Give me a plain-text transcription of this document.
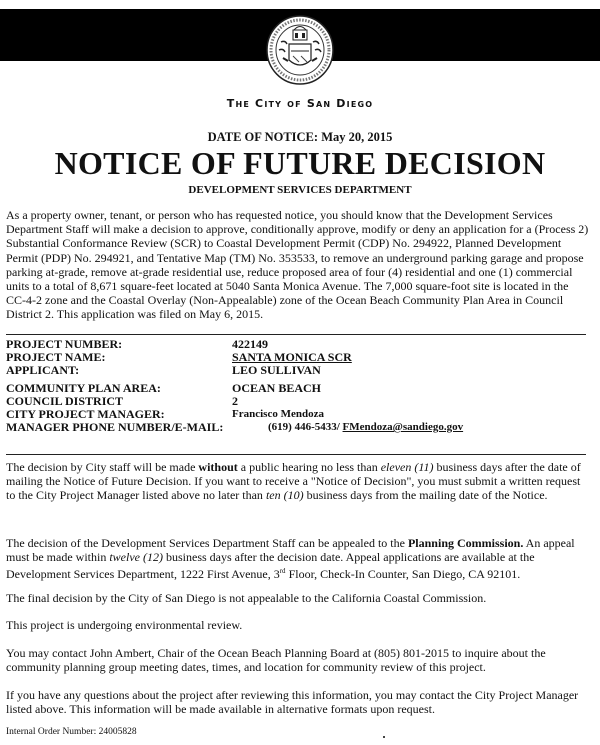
The City of San Diego
DATE OF NOTICE: May 20, 2015
NOTICE OF FUTURE DECISION
DEVELOPMENT SERVICES DEPARTMENT
As a property owner, tenant, or person who has requested notice, you should know that the Development Services Department Staff will make a decision to approve, conditionally approve, modify or deny an application for a (Process 2) Substantial Conformance Review (SCR) to Coastal Development Permit (CDP) No. 294922, Planned Development Permit (PDP) No. 294921, and Tentative Map (TM) No. 353533, to remove an underground parking garage and propose parking at-grade, remove at-grade residential use, reduce proposed area of four (4) residential and one (1) commercial units to a total of 8,671 square-feet located at 5040 Santa Monica Avenue. The 7,000 square-foot site is located in the CC-4-2 zone and the Coastal Overlay (Non-Appealable) zone of the Ocean Beach Community Plan Area in Council District 2. This application was filed on May 6, 2015.
PROJECT NUMBER:	422149
PROJECT NAME:	SANTA MONICA SCR
APPLICANT:	LEO SULLIVAN
COMMUNITY PLAN AREA:	OCEAN BEACH
COUNCIL DISTRICT	2
CITY PROJECT MANAGER:	Francisco Mendoza
MANAGER PHONE NUMBER/E-MAIL:	(619) 446-5433/ FMendoza@sandiego.gov
The decision by City staff will be made without a public hearing no less than eleven (11) business days after the date of mailing the Notice of Future Decision. If you want to receive a "Notice of Decision", you must submit a written request to the City Project Manager listed above no later than ten (10) business days from the mailing date of the Notice.
The decision of the Development Services Department Staff can be appealed to the Planning Commission. An appeal must be made within twelve (12) business days after the decision date. Appeal applications are available at the Development Services Department, 1222 First Avenue, 3rd Floor, Check-In Counter, San Diego, CA 92101.
The final decision by the City of San Diego is not appealable to the California Coastal Commission.
This project is undergoing environmental review.
You may contact John Ambert, Chair of the Ocean Beach Planning Board at (805) 801-2015 to inquire about the community planning group meeting dates, times, and location for community review of this project.
If you have any questions about the project after reviewing this information, you may contact the City Project Manager listed above. This information will be made available in alternative formats upon request.
Internal Order Number: 24005828
